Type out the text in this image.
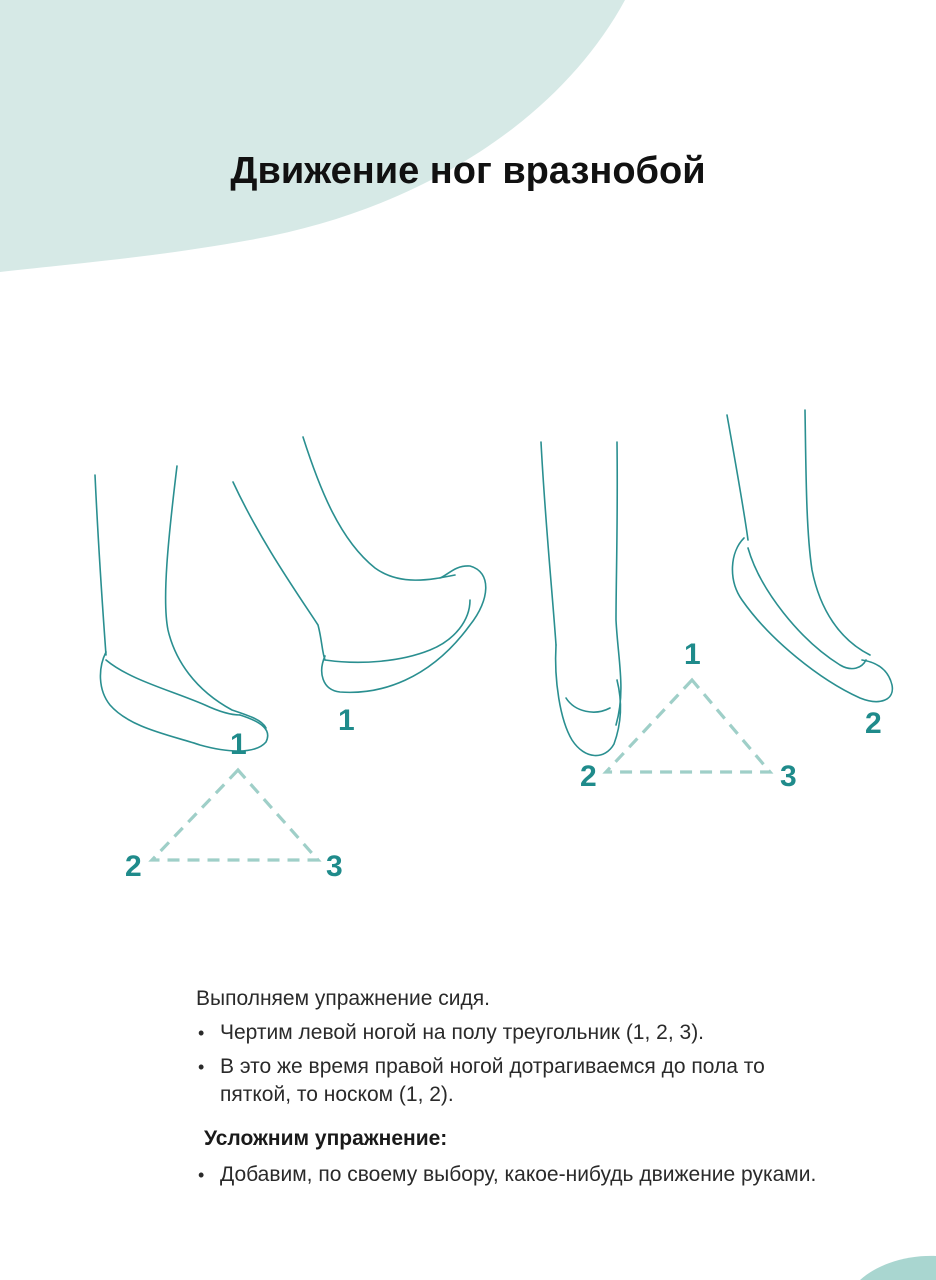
Движение ног вразнобой
1
2	3
1
1
2	3
2

Выполняем упражнение сидя.

• Чертим левой ногой на полу треугольник (1, 2, 3).
• В это же время правой ногой дотрагиваемся до пола то пяткой, то носком (1, 2).
Усложним упражнение:
• Добавим, по своему выбору, какое-нибудь движение руками.
